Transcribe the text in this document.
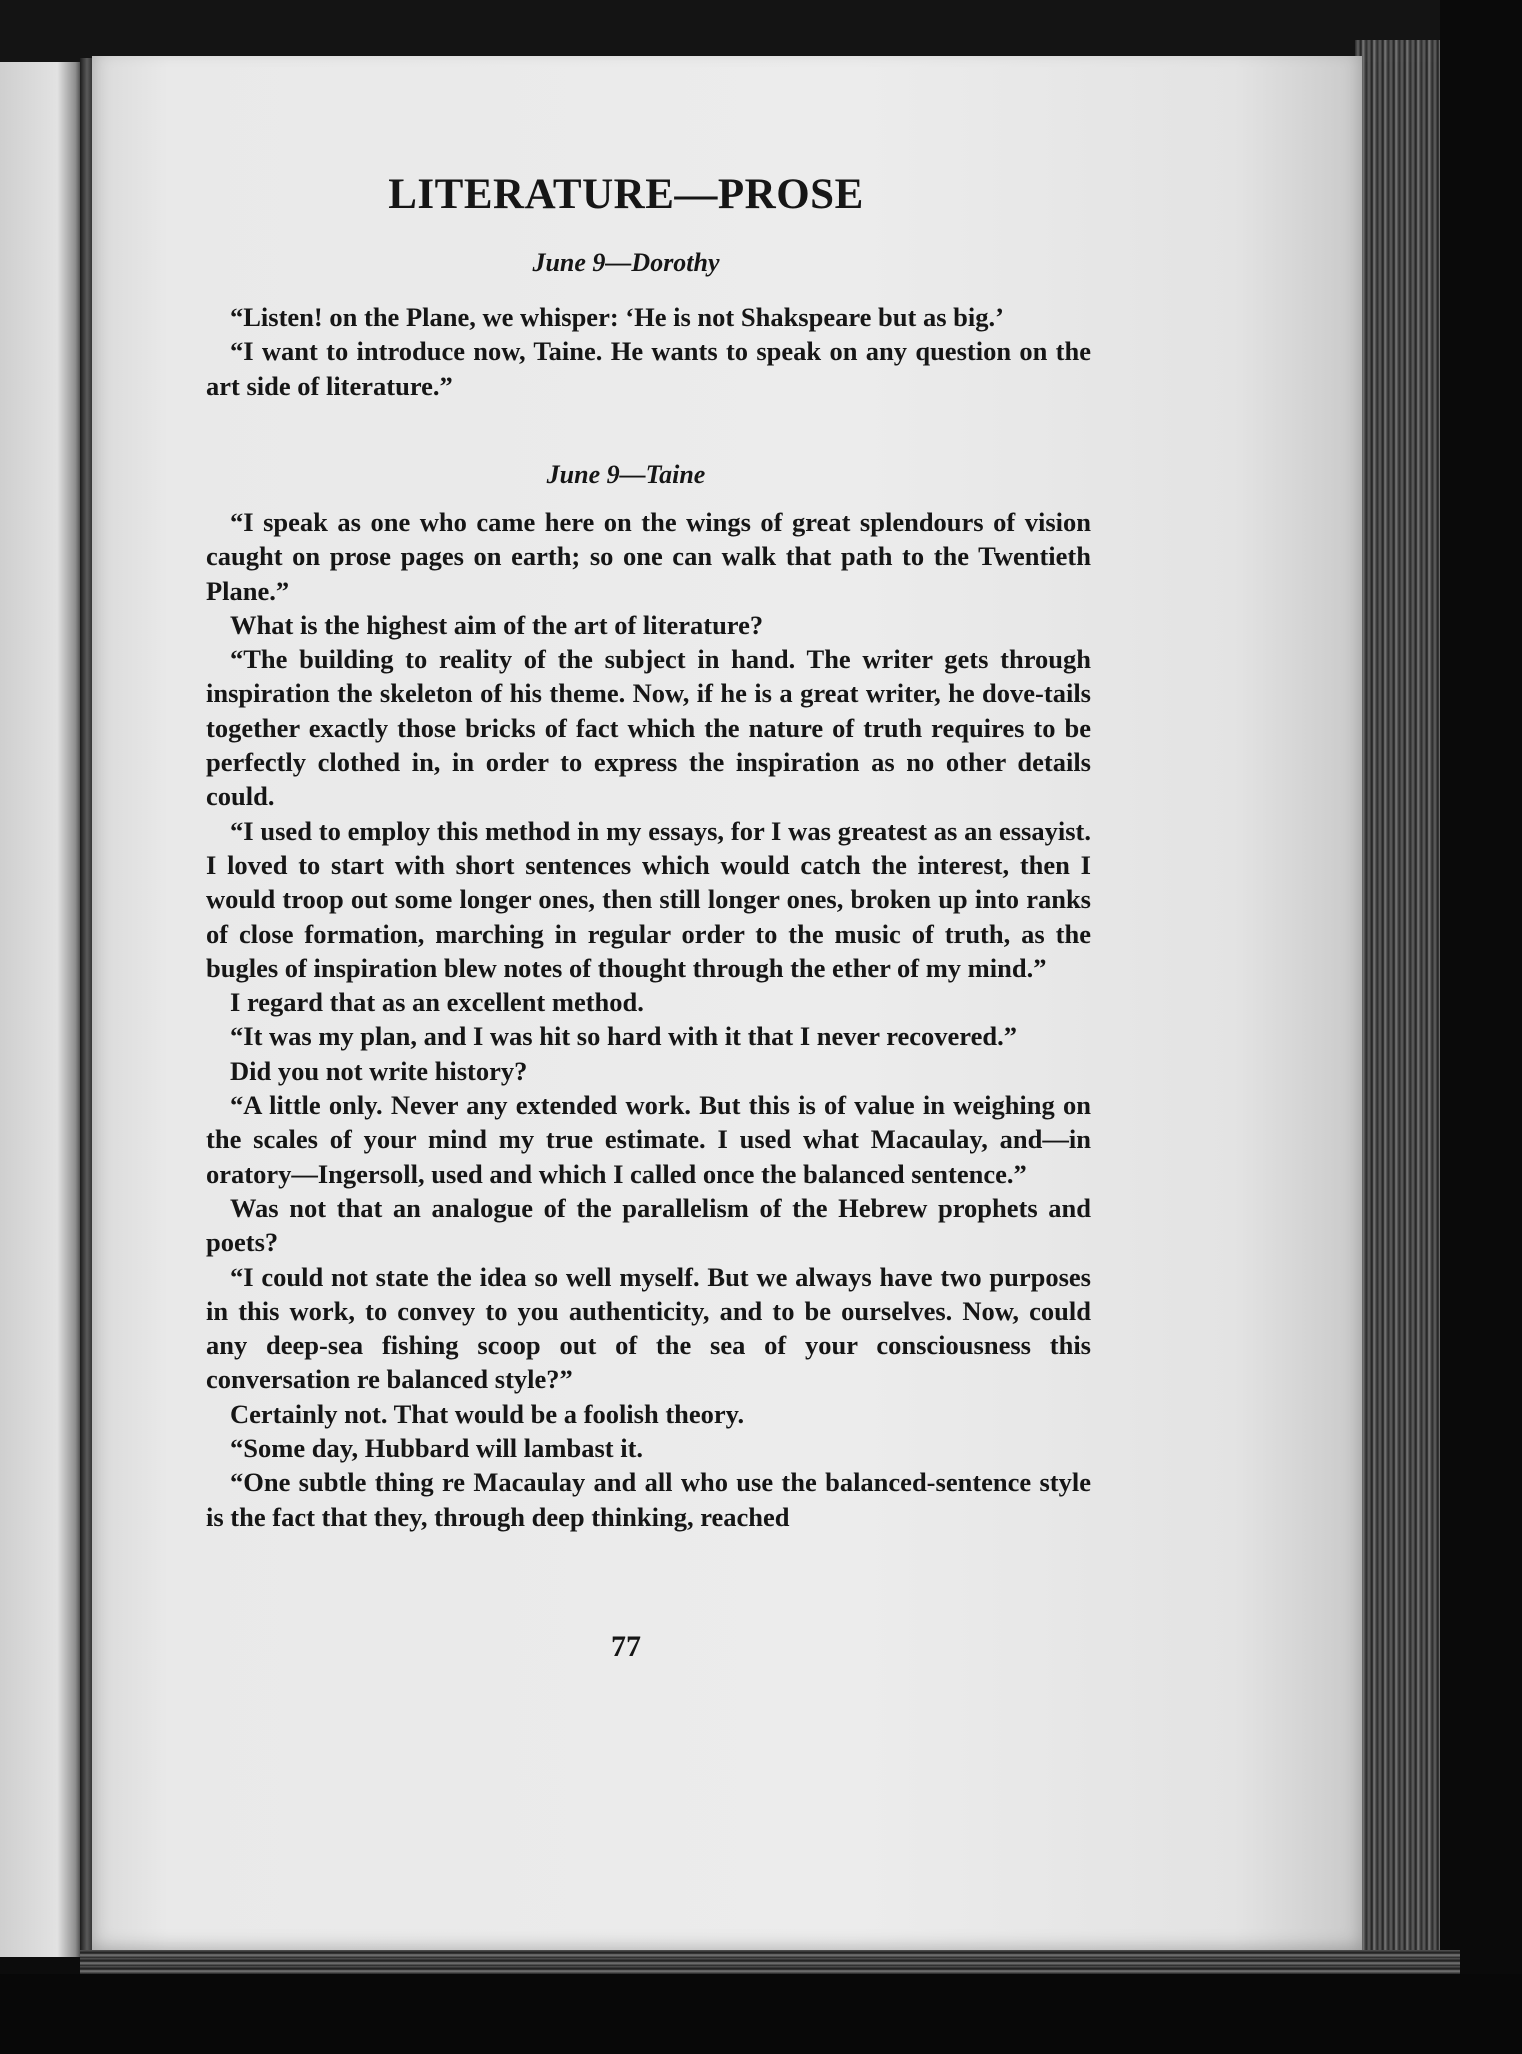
LITERATURE—PROSE
June 9—Dorothy

“Listen! on the Plane, we whisper: ‘He is not Shakspeare but as big.’

“I want to introduce now, Taine. He wants to speak on any question on the art side of literature.”

June 9—Taine

“I speak as one who came here on the wings of great splendours of vision caught on prose pages on earth; so one can walk that path to the Twentieth Plane.”

What is the highest aim of the art of literature?

“The building to reality of the subject in hand. The writer gets through inspiration the skeleton of his theme. Now, if he is a great writer, he dove-tails together exactly those bricks of fact which the nature of truth requires to be perfectly clothed in, in order to express the inspiration as no other details could.

“I used to employ this method in my essays, for I was greatest as an essayist. I loved to start with short sentences which would catch the interest, then I would troop out some longer ones, then still longer ones, broken up into ranks of close formation, marching in regular order to the music of truth, as the bugles of inspiration blew notes of thought through the ether of my mind.”

I regard that as an excellent method.

“It was my plan, and I was hit so hard with it that I never recovered.”

Did you not write history?

“A little only. Never any extended work. But this is of value in weighing on the scales of your mind my true estimate. I used what Macaulay, and—in oratory—Ingersoll, used and which I called once the balanced sentence.”

Was not that an analogue of the parallelism of the Hebrew prophets and poets?

“I could not state the idea so well myself. But we always have two purposes in this work, to convey to you authenticity, and to be ourselves. Now, could any deep-sea fishing scoop out of the sea of your consciousness this conversation re balanced style?”

Certainly not. That would be a foolish theory.

“Some day, Hubbard will lambast it.

“One subtle thing re Macaulay and all who use the balanced-sentence style is the fact that they, through deep thinking, reached

77
